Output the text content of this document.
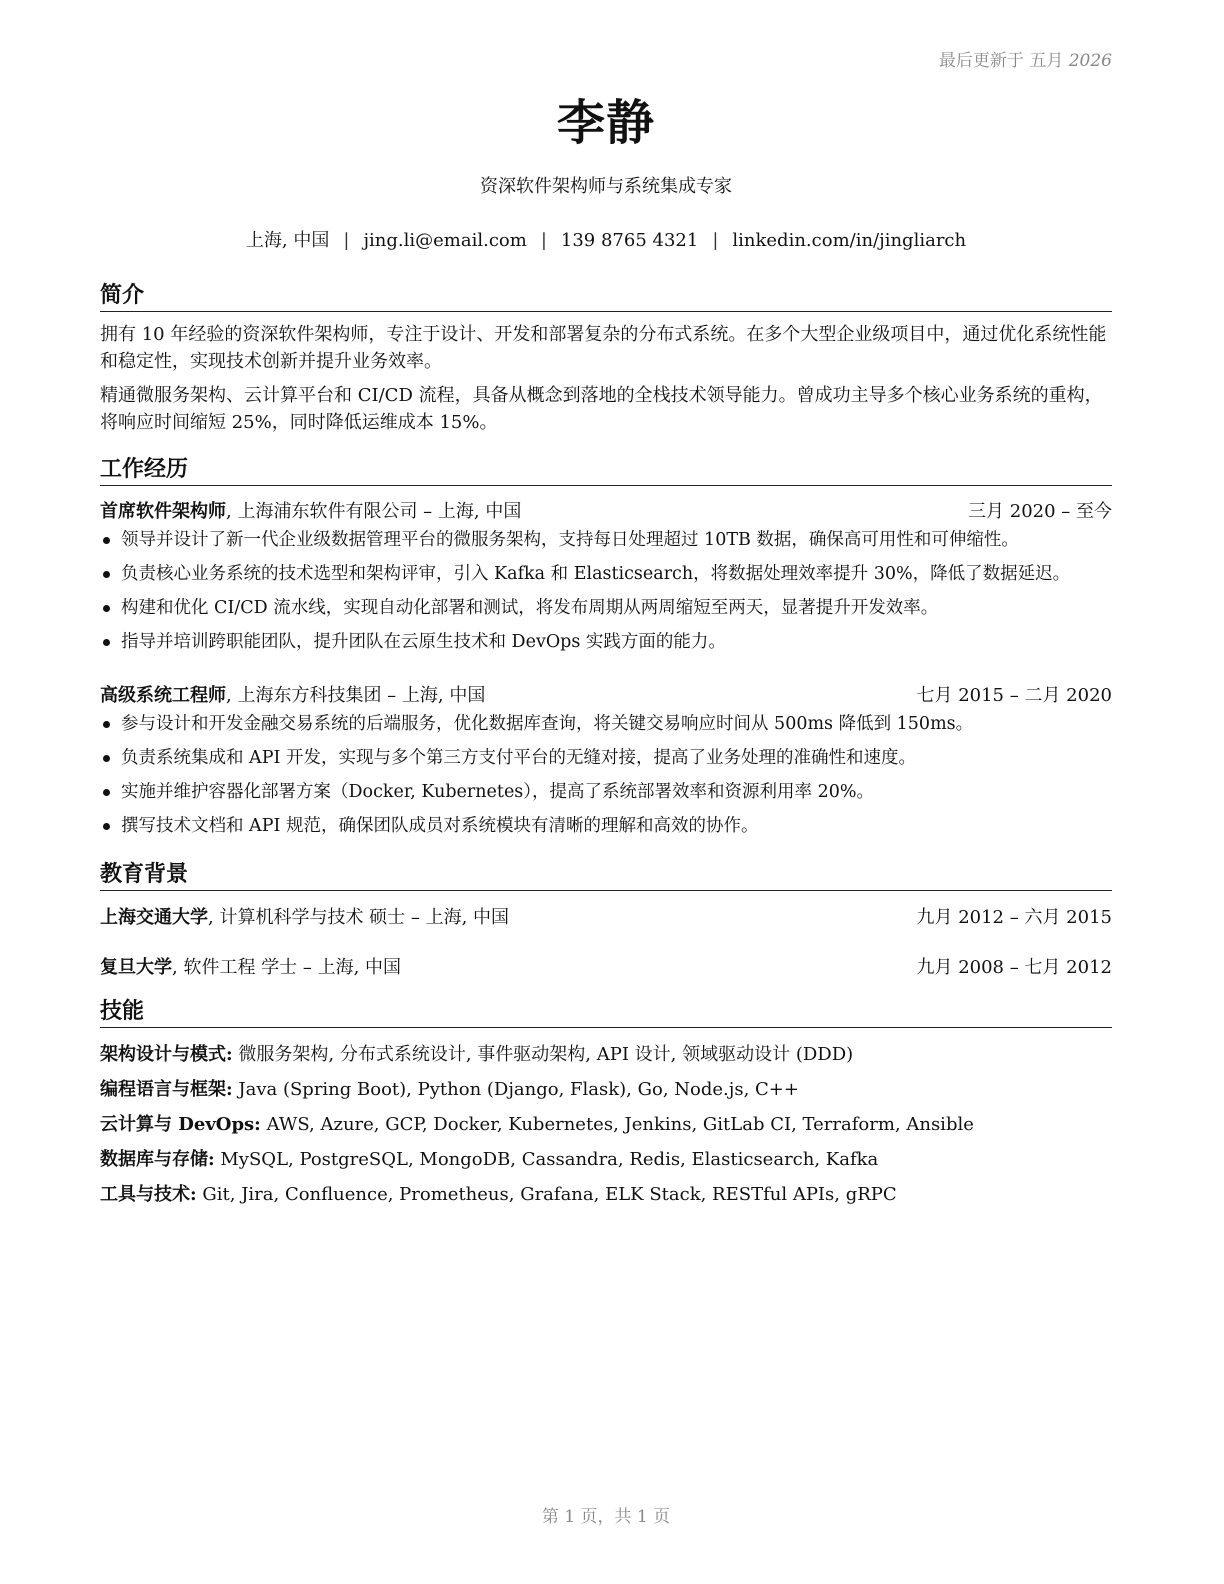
最后更新于 五月 2026
李静
资深软件架构师与系统集成专家
上海, 中国 | jing.li@email.com | 139 8765 4321 | linkedin.com/in/jingliarch
简介
拥有 10 年经验的资深软件架构师，专注于设计、开发和部署复杂的分布式系统。在多个大型企业级项目中，通过优化系统性能和稳定性，实现技术创新并提升业务效率。
精通微服务架构、云计算平台和 CI/CD 流程，具备从概念到落地的全栈技术领导能力。曾成功主导多个核心业务系统的重构，将响应时间缩短 25%，同时降低运维成本 15%。
工作经历
首席软件架构师, 上海浦东软件有限公司 – 上海, 中国	三月 2020 – 至今
领导并设计了新一代企业级数据管理平台的微服务架构，支持每日处理超过 10TB 数据，确保高可用性和可伸缩性。
负责核心业务系统的技术选型和架构评审，引入 Kafka 和 Elasticsearch，将数据处理效率提升 30%，降低了数据延迟。
构建和优化 CI/CD 流水线，实现自动化部署和测试，将发布周期从两周缩短至两天，显著提升开发效率。
指导并培训跨职能团队，提升团队在云原生技术和 DevOps 实践方面的能力。
高级系统工程师, 上海东方科技集团 – 上海, 中国	七月 2015 – 二月 2020
参与设计和开发金融交易系统的后端服务，优化数据库查询，将关键交易响应时间从 500ms 降低到 150ms。
负责系统集成和 API 开发，实现与多个第三方支付平台的无缝对接，提高了业务处理的准确性和速度。
实施并维护容器化部署方案（Docker, Kubernetes），提高了系统部署效率和资源利用率 20%。
撰写技术文档和 API 规范，确保团队成员对系统模块有清晰的理解和高效的协作。
教育背景
上海交通大学, 计算机科学与技术 硕士 – 上海, 中国	九月 2012 – 六月 2015
复旦大学, 软件工程 学士 – 上海, 中国	九月 2008 – 七月 2012
技能
架构设计与模式: 微服务架构, 分布式系统设计, 事件驱动架构, API 设计, 领域驱动设计 (DDD)
编程语言与框架: Java (Spring Boot), Python (Django, Flask), Go, Node.js, C++
云计算与 DevOps: AWS, Azure, GCP, Docker, Kubernetes, Jenkins, GitLab CI, Terraform, Ansible
数据库与存储: MySQL, PostgreSQL, MongoDB, Cassandra, Redis, Elasticsearch, Kafka
工具与技术: Git, Jira, Confluence, Prometheus, Grafana, ELK Stack, RESTful APIs, gRPC
第 1 页，共 1 页
